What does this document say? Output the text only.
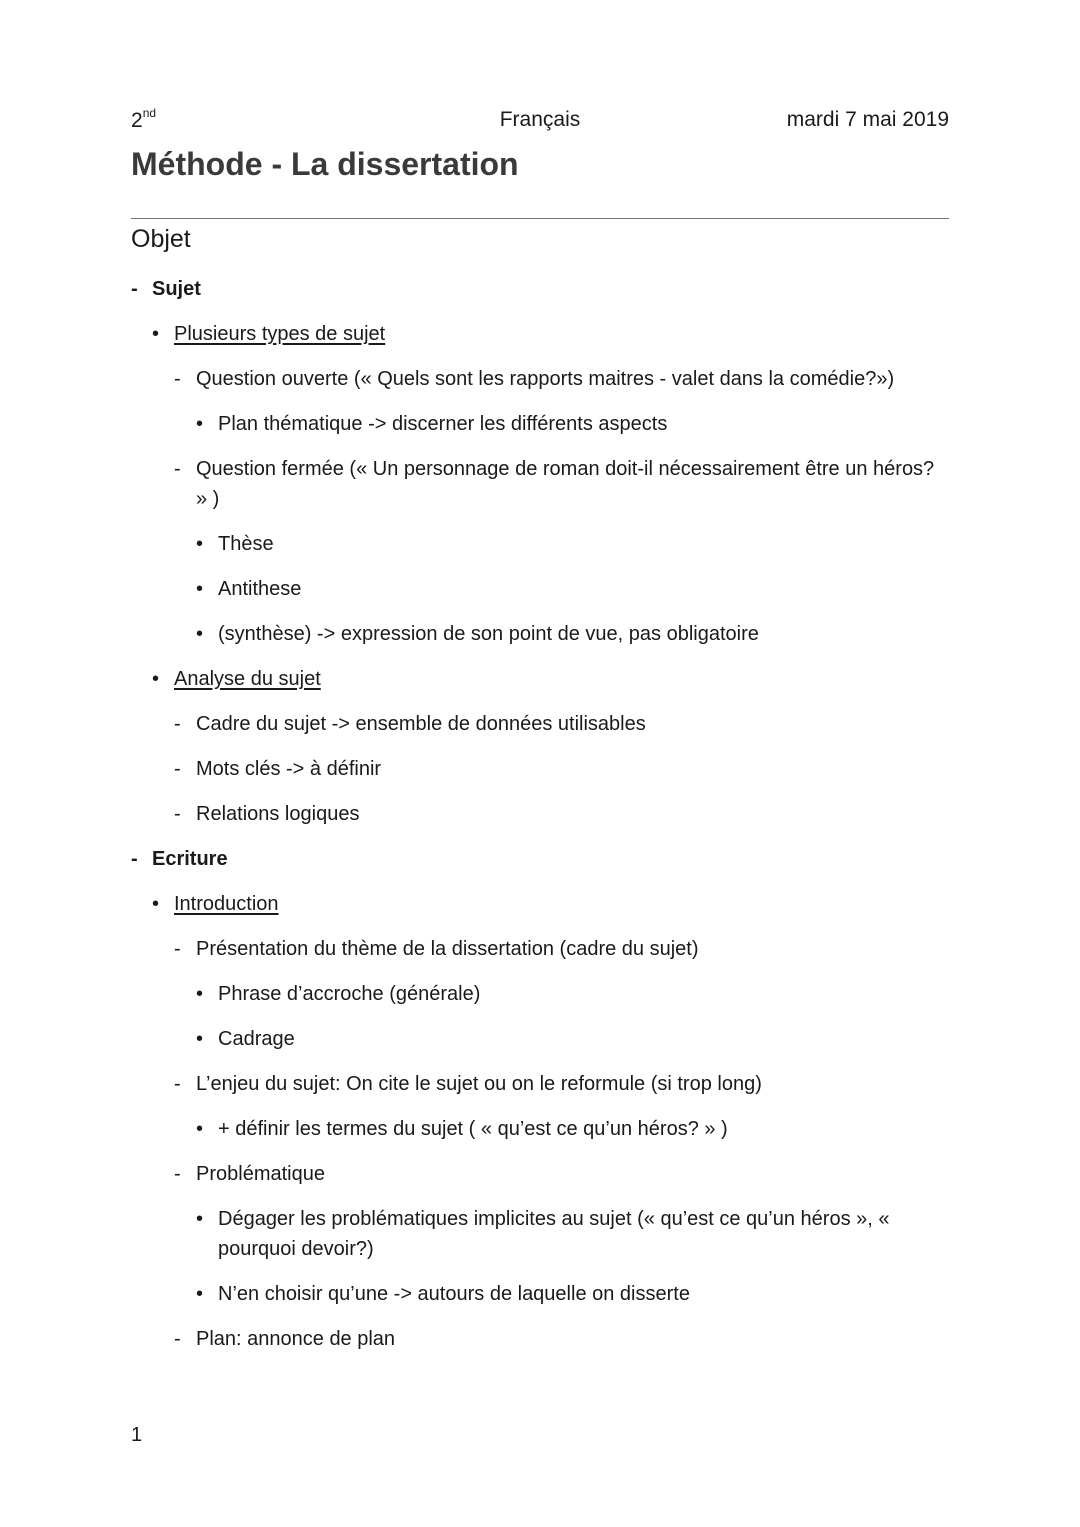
2nd	Français	mardi 7 mai 2019
Méthode - La dissertation
Objet
- Sujet
• Plusieurs types de sujet
- Question ouverte (« Quels sont les rapports maitres - valet dans la comédie?»)
• Plan thématique -> discerner les différents aspects
- Question fermée (« Un personnage de roman doit-il nécessairement être un héros? » )
• Thèse
• Antithese
• (synthèse) -> expression de son point de vue, pas obligatoire
• Analyse du sujet
- Cadre du sujet -> ensemble de données utilisables
- Mots clés -> à définir
- Relations logiques
- Ecriture
• Introduction
- Présentation du thème de la dissertation (cadre du sujet)
• Phrase d’accroche (générale)
• Cadrage
- L’enjeu du sujet: On cite le sujet ou on le reformule (si trop long)
• + définir les termes du sujet ( « qu’est ce qu’un héros? » )
- Problématique
• Dégager les problématiques implicites au sujet (« qu’est ce qu’un héros », « pourquoi devoir?)
• N’en choisir qu’une -> autours de laquelle on disserte
- Plan: annonce de plan
1
